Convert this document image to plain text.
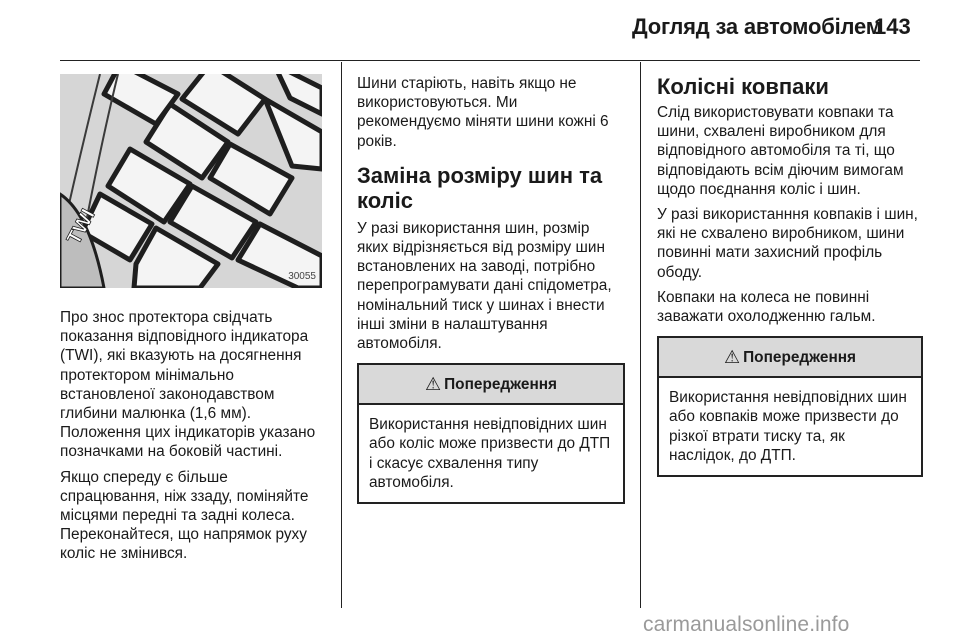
Догляд за автомобілем
143
TWI
30055

Про знос протектора свідчать показання відповідного індикатора (TWI), які вказують на досягнення протектором мінімально встановленої законодавством глибини малюнка (1,6 мм). Положення цих індикаторів указано позначками на боковій частині.

Якщо спереду є більше спрацювання, ніж ззаду, поміняйте місцями передні та задні колеса. Переконайтеся, що напрямок руху коліс не змінився.

Шини старіють, навіть якщо не використовуються. Ми рекомендуємо міняти шини кожні 6 років.

Заміна розміру шин та коліс

У разі використання шин, розмір яких відрізняється від розміру шин встановлених на заводі, потрібно перепрограмувати дані спідометра, номінальний тиск у шинах і внести інші зміни в налаштування автомобіля.

⚠ Попередження
Використання невідповідних шин або коліс може призвести до ДТП і скасує схвалення типу автомобіля.
Колісні ковпаки

Слід використовувати ковпаки та шини, схвалені виробником для відповідного автомобіля та ті, що відповідають всім діючим вимогам щодо поєднання коліс і шин.

У разі використанння ковпаків і шин, які не схвалено виробником, шини повинні мати захисний профіль ободу.

Ковпаки на колеса не повинні заважати охолодженню гальм.

⚠ Попередження
Використання невідповідних шин або ковпаків може призвести до різкої втрати тиску та, як наслідок, до ДТП.
carmanualsonline.info
